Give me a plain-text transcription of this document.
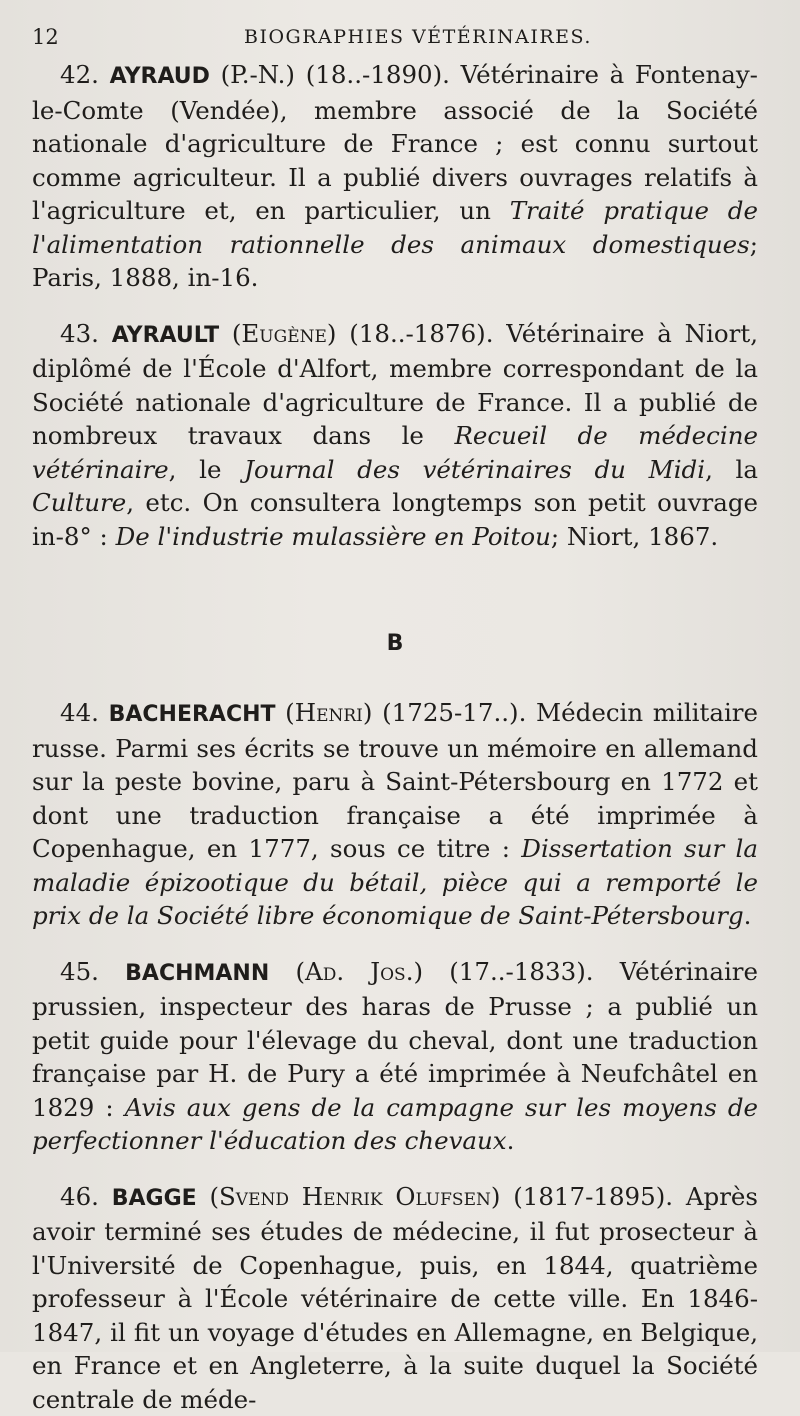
12	BIOGRAPHIES VÉTÉRINAIRES.

42. AYRAUD (P.-N.) (18..-1890). Vétérinaire à Fontenay-le-Comte (Vendée), membre associé de la Société nationale d'agriculture de France ; est connu surtout comme agriculteur. Il a publié divers ouvrages relatifs à l'agriculture et, en particulier, un Traité pratique de l'alimentation rationnelle des animaux domestiques; Paris, 1888, in-16.

43. AYRAULT (Eugène) (18..-1876). Vétérinaire à Niort, diplômé de l'École d'Alfort, membre correspondant de la Société nationale d'agriculture de France. Il a publié de nombreux travaux dans le Recueil de médecine vétérinaire, le Journal des vétérinaires du Midi, la Culture, etc. On consultera longtemps son petit ouvrage in-8° : De l'industrie mulassière en Poitou; Niort, 1867.

B

44. BACHERACHT (Henri) (1725-17..). Médecin militaire russe. Parmi ses écrits se trouve un mémoire en allemand sur la peste bovine, paru à Saint-Pétersbourg en 1772 et dont une traduction française a été imprimée à Copenhague, en 1777, sous ce titre : Dissertation sur la maladie épizootique du bétail, pièce qui a remporté le prix de la Société libre économique de Saint-Pétersbourg.

45. BACHMANN (Ad. Jos.) (17..-1833). Vétérinaire prussien, inspecteur des haras de Prusse ; a publié un petit guide pour l'élevage du cheval, dont une traduction française par H. de Pury a été imprimée à Neufchâtel en 1829 : Avis aux gens de la campagne sur les moyens de perfectionner l'éducation des chevaux.

46. BAGGE (Svend Henrik Olufsen) (1817-1895). Après avoir terminé ses études de médecine, il fut prosecteur à l'Université de Copenhague, puis, en 1844, quatrième professeur à l'École vétérinaire de cette ville. En 1846-1847, il fit un voyage d'études en Allemagne, en Belgique, en France et en Angleterre, à la suite duquel la Société centrale de méde-
